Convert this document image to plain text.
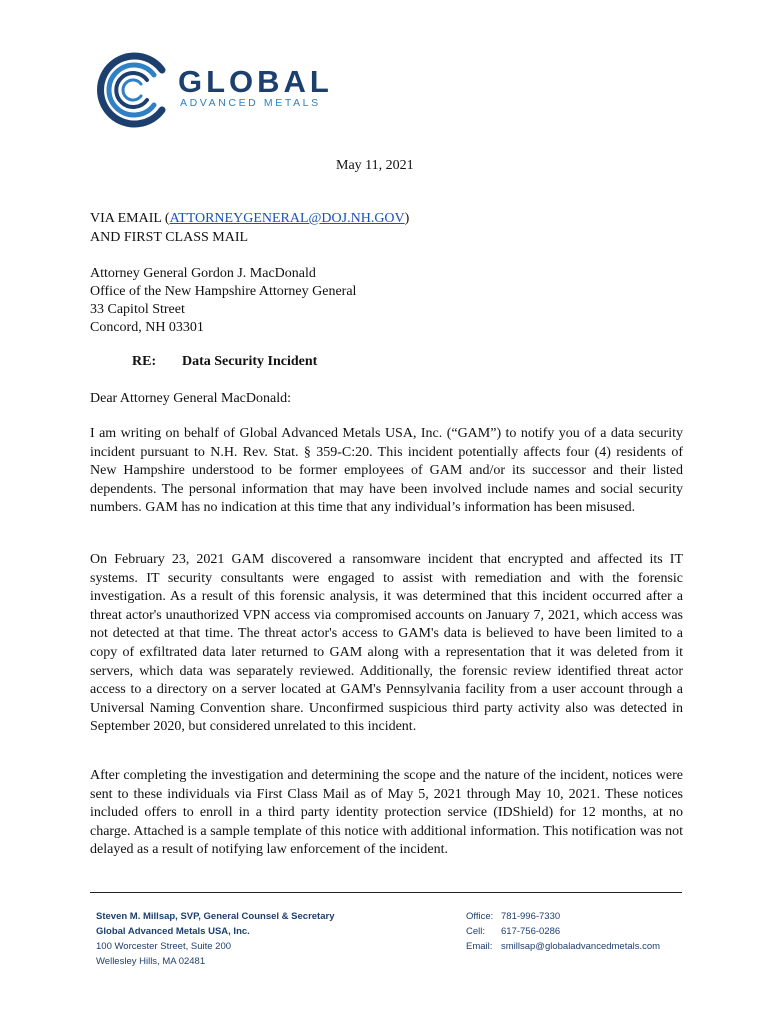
GLOBAL
ADVANCED METALS
May 11, 2021
VIA EMAIL (ATTORNEYGENERAL@DOJ.NH.GOV)
AND FIRST CLASS MAIL
Attorney General Gordon J. MacDonald
Office of the New Hampshire Attorney General
33 Capitol Street
Concord, NH 03301
RE: Data Security Incident
Dear Attorney General MacDonald:

I am writing on behalf of Global Advanced Metals USA, Inc. (“GAM”) to notify you of a data security incident pursuant to N.H. Rev. Stat. § 359-C:20. This incident potentially affects four (4) residents of New Hampshire understood to be former employees of GAM and/or its successor and their listed dependents. The personal information that may have been involved include names and social security numbers. GAM has no indication at this time that any individual’s information has been misused.

On February 23, 2021 GAM discovered a ransomware incident that encrypted and affected its IT systems. IT security consultants were engaged to assist with remediation and with the forensic investigation. As a result of this forensic analysis, it was determined that this incident occurred after a threat actor's unauthorized VPN access via compromised accounts on January 7, 2021, which access was not detected at that time. The threat actor's access to GAM's data is believed to have been limited to a copy of exfiltrated data later returned to GAM along with a representation that it was deleted from it servers, which data was separately reviewed. Additionally, the forensic review identified threat actor access to a directory on a server located at GAM's Pennsylvania facility from a user account through a Universal Naming Convention share. Unconfirmed suspicious third party activity also was detected in September 2020, but considered unrelated to this incident.

After completing the investigation and determining the scope and the nature of the incident, notices were sent to these individuals via First Class Mail as of May 5, 2021 through May 10, 2021. These notices included offers to enroll in a third party identity protection service (IDShield) for 12 months, at no charge. Attached is a sample template of this notice with additional information. This notification was not delayed as a result of notifying law enforcement of the incident.

Steven M. Millsap, SVP, General Counsel & Secretary
Global Advanced Metals USA, Inc.
100 Worcester Street, Suite 200
Wellesley Hills, MA 02481
Office: 781-996-7330
Cell: 617-756-0286
Email: smillsap@globaladvancedmetals.com
